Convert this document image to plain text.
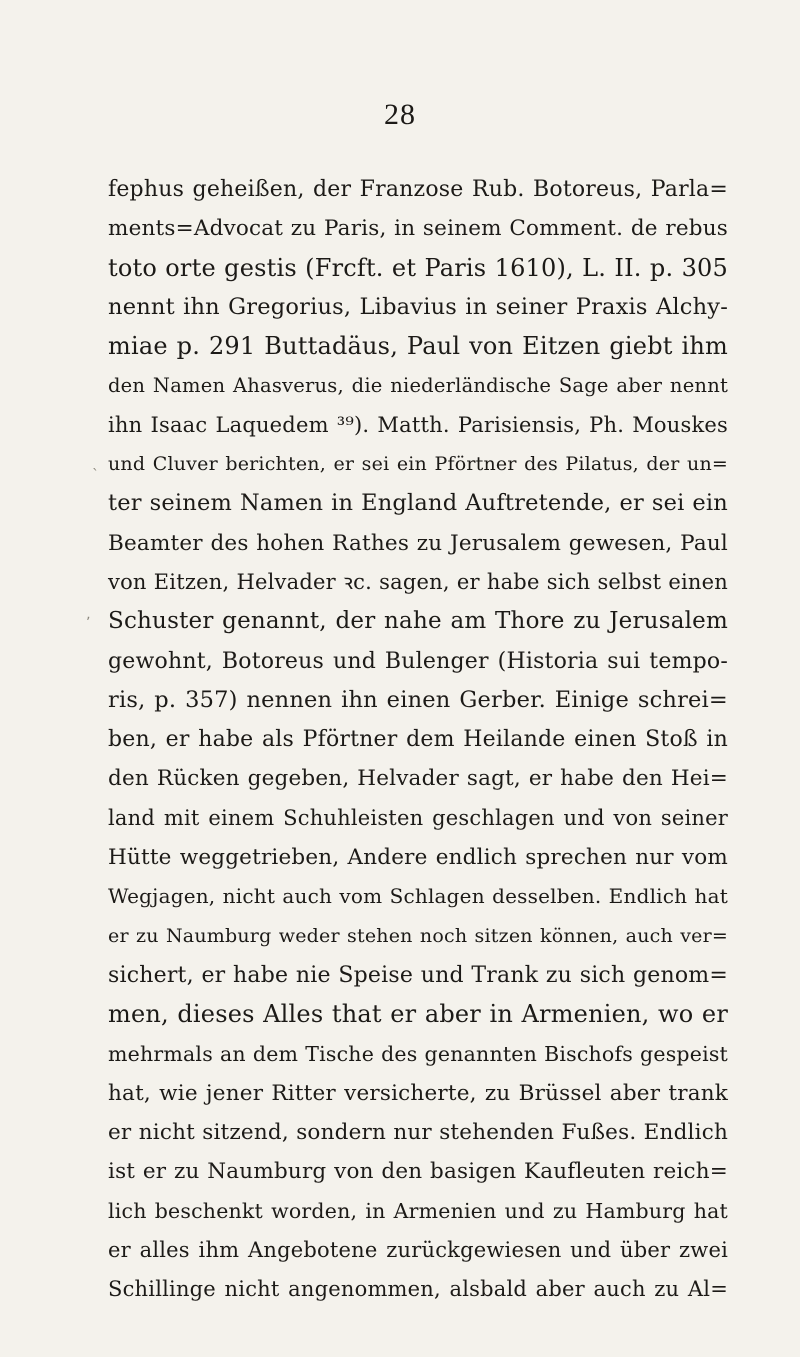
28
ˎ
ʼ
fephus geheißen, der Franzose Rub. Botoreus, Parla=
ments=Advocat zu Paris, in seinem Comment. de rebus
toto orte gestis (Frcft. et Paris 1610), L. II. p. 305
nennt ihn Gregorius, Libavius in seiner Praxis Alchy-
miae p. 291 Buttadäus, Paul von Eitzen giebt ihm
den Namen Ahasverus, die niederländische Sage aber nennt
ihn Isaac Laquedem ³⁹). Matth. Parisiensis, Ph. Mouskes
und Cluver berichten, er sei ein Pförtner des Pilatus, der un=
ter seinem Namen in England Auftretende, er sei ein
Beamter des hohen Rathes zu Jerusalem gewesen, Paul
von Eitzen, Helvader ꝛc. sagen, er habe sich selbst einen
Schuster genannt, der nahe am Thore zu Jerusalem
gewohnt, Botoreus und Bulenger (Historia sui tempo-
ris, p. 357) nennen ihn einen Gerber. Einige schrei=
ben, er habe als Pförtner dem Heilande einen Stoß in
den Rücken gegeben, Helvader sagt, er habe den Hei=
land mit einem Schuhleisten geschlagen und von seiner
Hütte weggetrieben, Andere endlich sprechen nur vom
Wegjagen, nicht auch vom Schlagen desselben. Endlich hat
er zu Naumburg weder stehen noch sitzen können, auch ver=
sichert, er habe nie Speise und Trank zu sich genom=
men, dieses Alles that er aber in Armenien, wo er
mehrmals an dem Tische des genannten Bischofs gespeist
hat, wie jener Ritter versicherte, zu Brüssel aber trank
er nicht sitzend, sondern nur stehenden Fußes. Endlich
ist er zu Naumburg von den basigen Kaufleuten reich=
lich beschenkt worden, in Armenien und zu Hamburg hat
er alles ihm Angebotene zurückgewiesen und über zwei
Schillinge nicht angenommen, alsbald aber auch zu Al=
